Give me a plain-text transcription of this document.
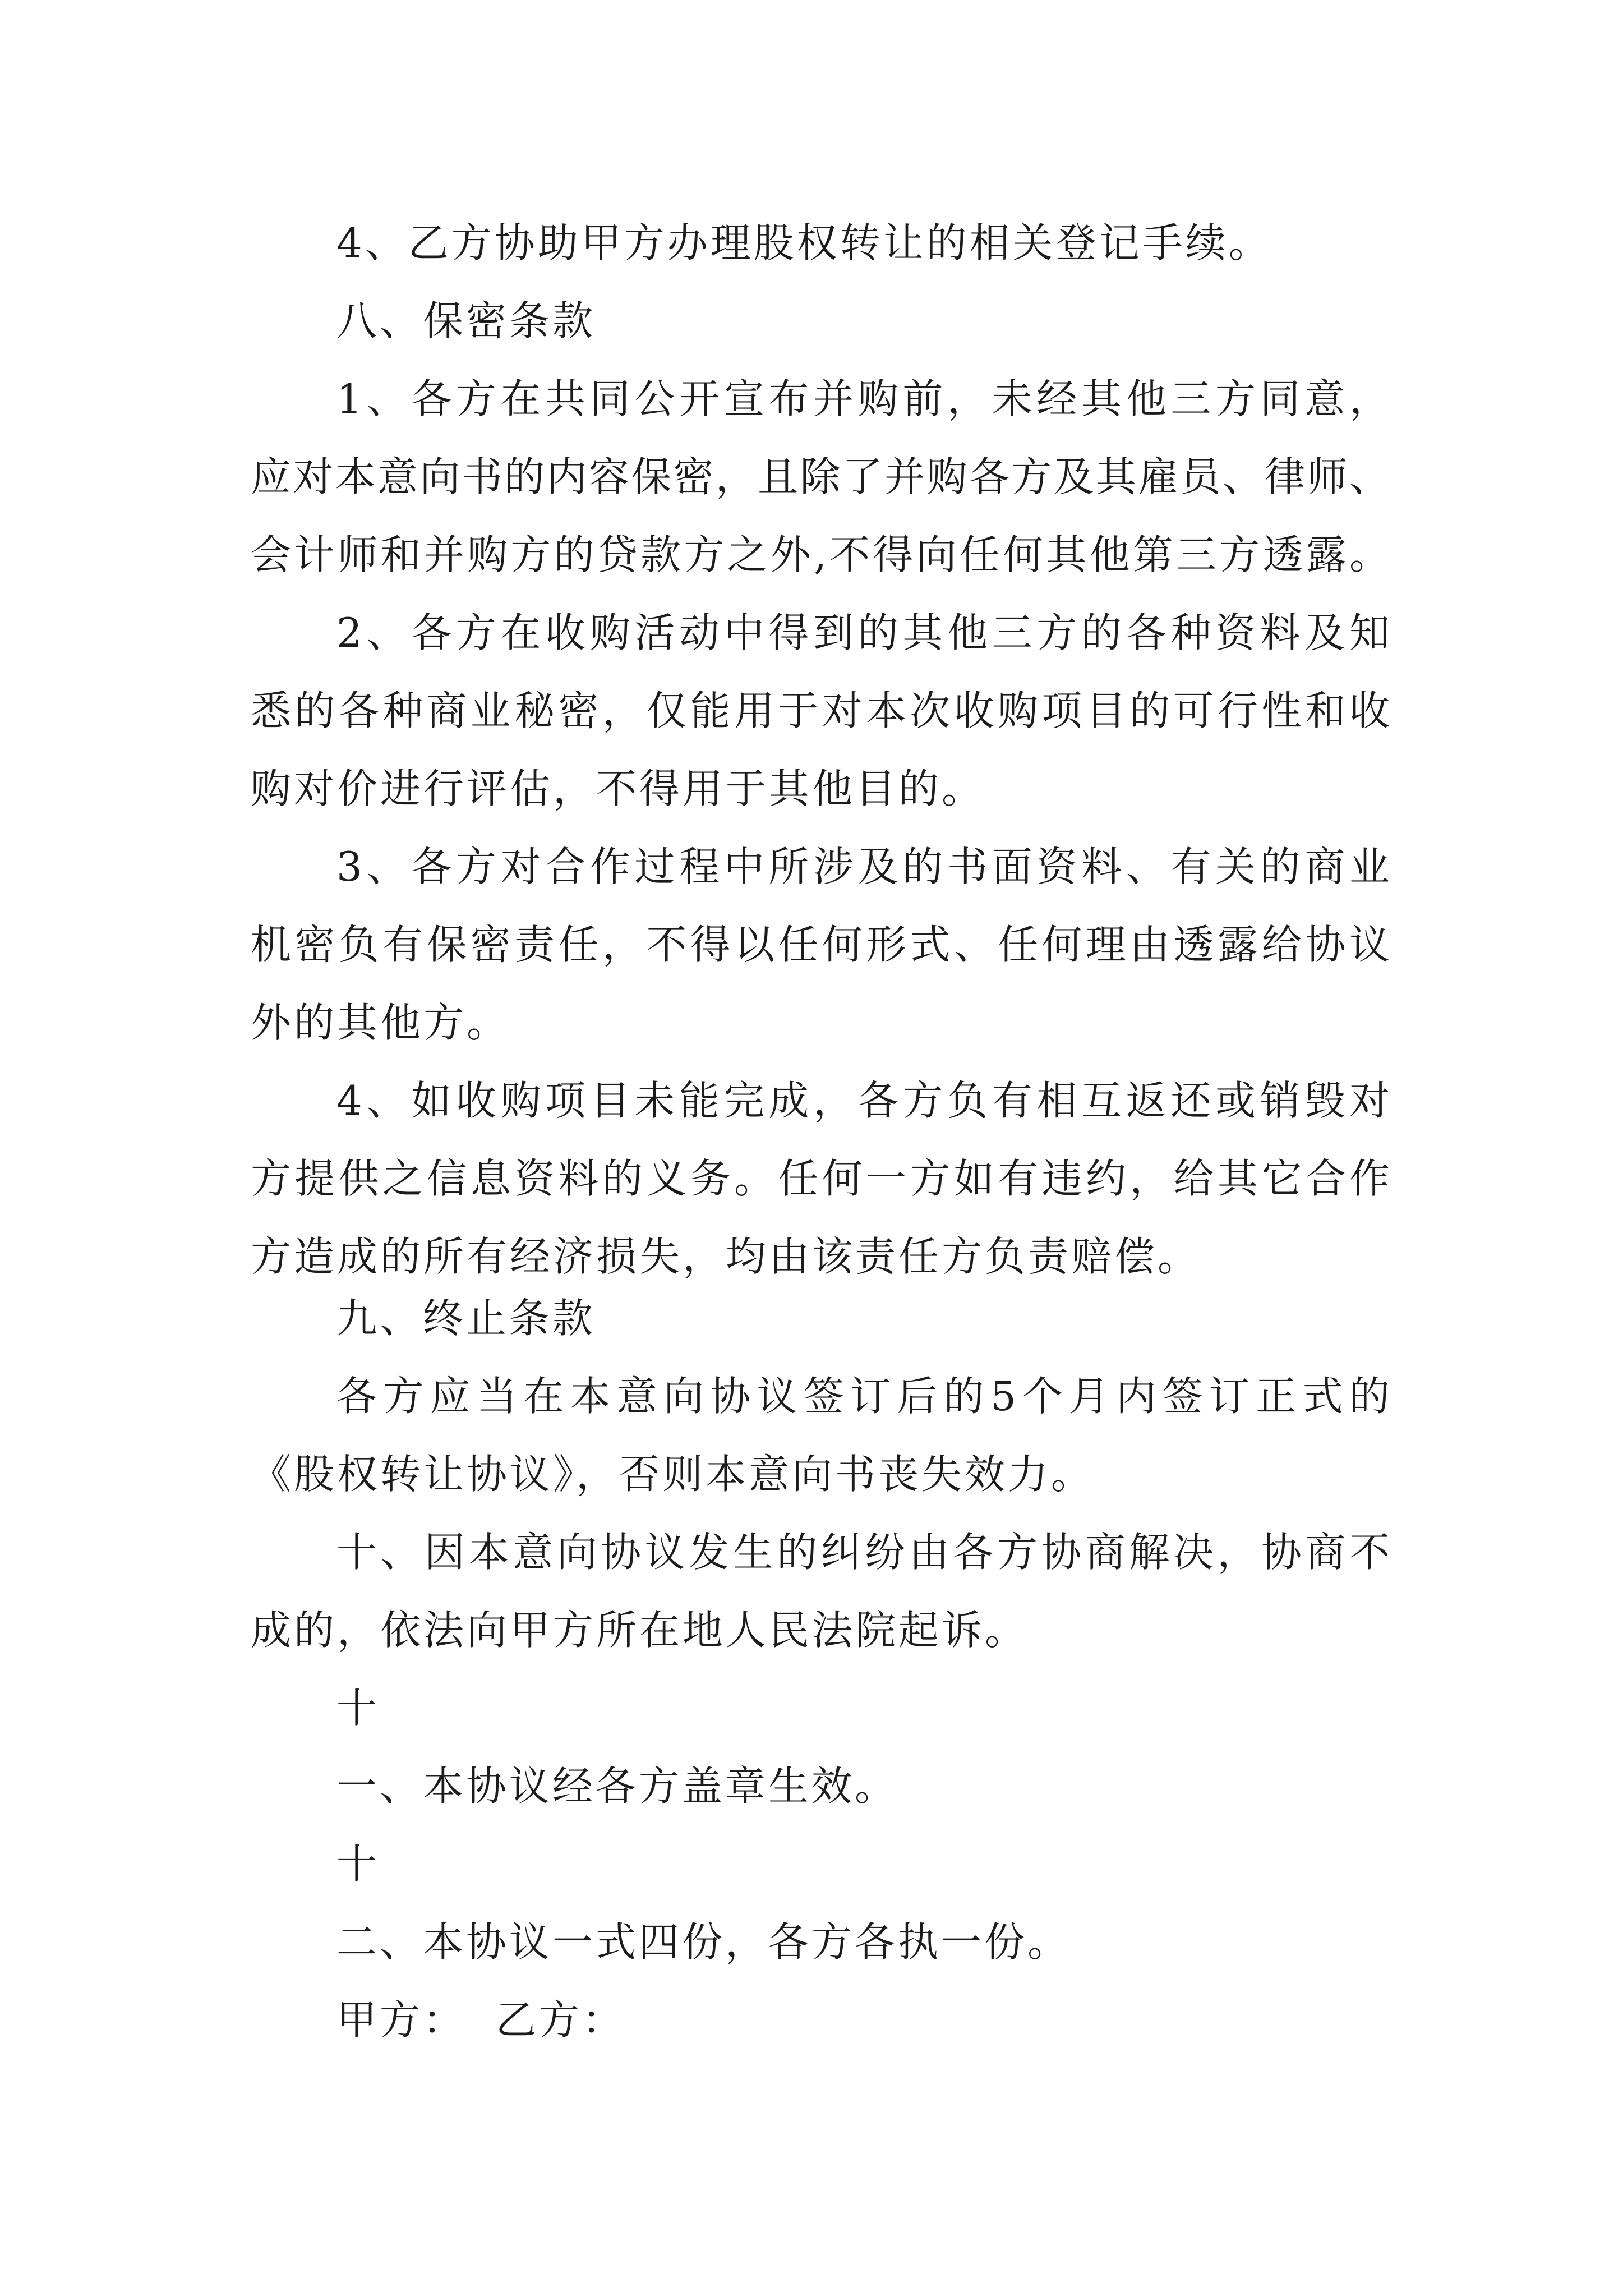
4、乙方协助甲方办理股权转让的相关登记手续。
八、保密条款
1、各方在共同公开宣布并购前，未经其他三方同意，
应对本意向书的内容保密，且除了并购各方及其雇员、律师、
会计师和并购方的贷款方之外,不得向任何其他第三方透露。
2、各方在收购活动中得到的其他三方的各种资料及知
悉的各种商业秘密，仅能用于对本次收购项目的可行性和收
购对价进行评估，不得用于其他目的。
3、各方对合作过程中所涉及的书面资料、有关的商业
机密负有保密责任，不得以任何形式、任何理由透露给协议
外的其他方。
4、如收购项目未能完成，各方负有相互返还或销毁对
方提供之信息资料的义务。任何一方如有违约，给其它合作
方造成的所有经济损失，均由该责任方负责赔偿。
九、终止条款
各方应当在本意向协议签订后的5个月内签订正式的
《股权转让协议》，否则本意向书丧失效力。
十、因本意向协议发生的纠纷由各方协商解决，协商不
成的，依法向甲方所在地人民法院起诉。
十
一、本协议经各方盖章生效。
十
二、本协议一式四份，各方各执一份。
甲方： 乙方：
